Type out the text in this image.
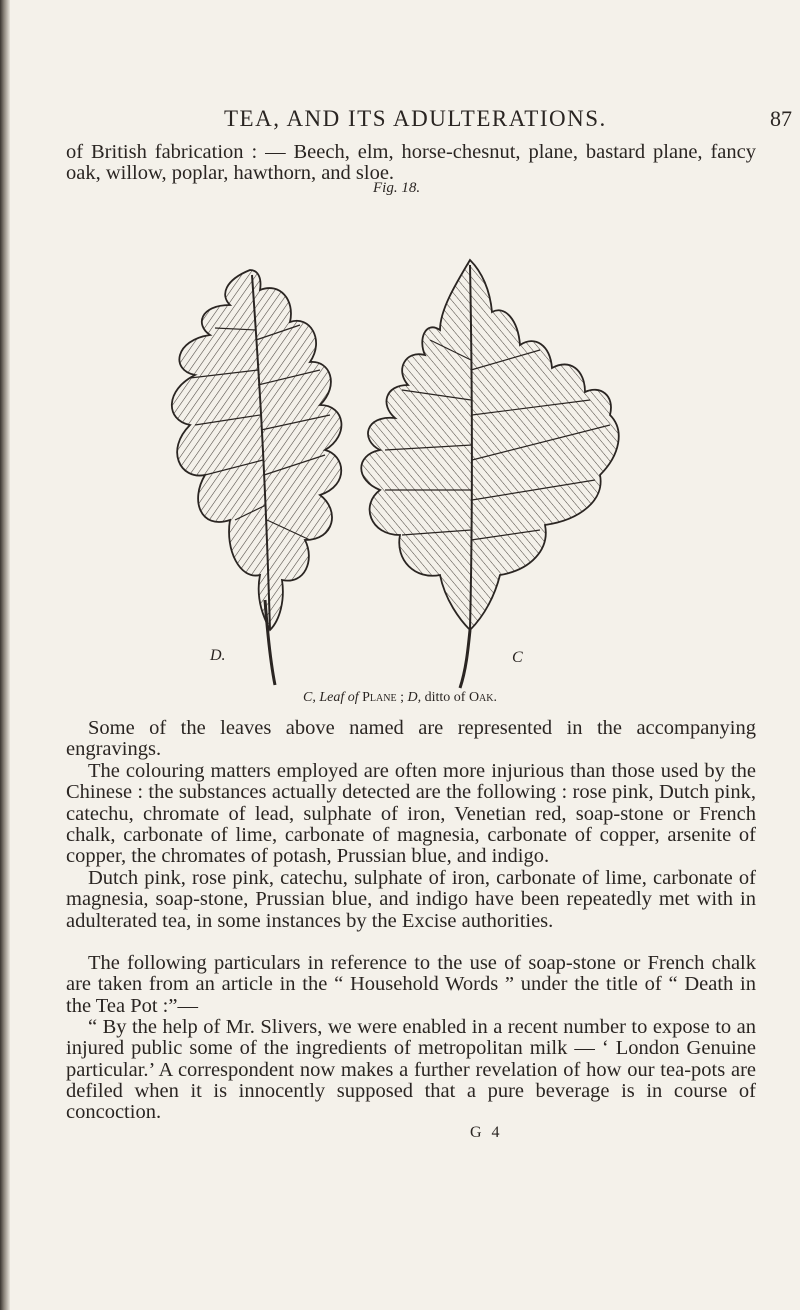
TEA, AND ITS ADULTERATIONS.	87

of British fabrication : — Beech, elm, horse-chesnut, plane, bastard plane, fancy oak, willow, poplar, hawthorn, and sloe.

Fig. 18.
D.	C
C, Leaf of Plane ; D, ditto of Oak.

Some of the leaves above named are represented in the accompanying engravings.

The colouring matters employed are often more injurious than those used by the Chinese : the substances actually detected are the following : rose pink, Dutch pink, catechu, chromate of lead, sulphate of iron, Venetian red, soap-stone or French chalk, carbonate of lime, carbonate of magnesia, carbonate of copper, arsenite of copper, the chromates of potash, Prussian blue, and indigo.

Dutch pink, rose pink, catechu, sulphate of iron, carbonate of lime, carbonate of magnesia, soap-stone, Prussian blue, and indigo have been repeatedly met with in adulterated tea, in some instances by the Excise authorities.

The following particulars in reference to the use of soap-stone or French chalk are taken from an article in the “ Household Words ” under the title of “ Death in the Tea Pot :”—

“ By the help of Mr. Slivers, we were enabled in a recent number to expose to an injured public some of the ingredients of metropolitan milk — ‘ London Genuine particular.’ A correspondent now makes a further revelation of how our tea-pots are defiled when it is innocently supposed that a pure beverage is in course of concoction.

G 4
